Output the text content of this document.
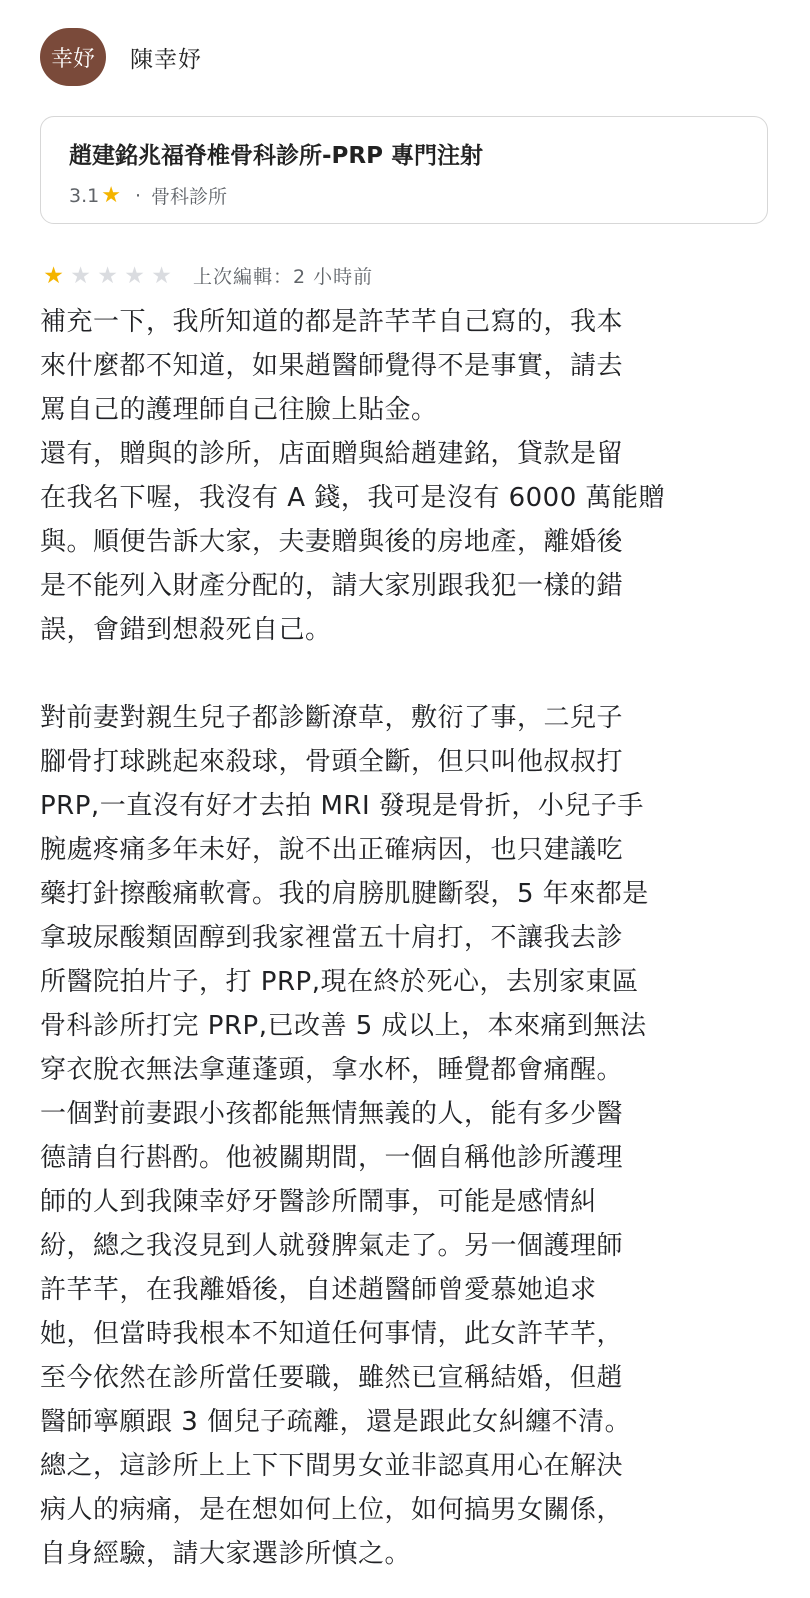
幸妤	陳幸妤
趙建銘兆福脊椎骨科診所-PRP 專門注射
3.1 ★ · 骨科診所
★ ★ ★ ★ ★ 上次編輯：2 小時前
補充一下，我所知道的都是許芊芊自己寫的，我本
來什麼都不知道，如果趙醫師覺得不是事實，請去
罵自己的護理師自己往臉上貼金。
還有，贈與的診所，店面贈與給趙建銘，貸款是留
在我名下喔，我沒有 A 錢，我可是沒有 6000 萬能贈
與。順便告訴大家，夫妻贈與後的房地產，離婚後
是不能列入財產分配的，請大家別跟我犯一樣的錯
誤，會錯到想殺死自己。
對前妻對親生兒子都診斷潦草，敷衍了事，二兒子
腳骨打球跳起來殺球，骨頭全斷，但只叫他叔叔打
PRP,一直沒有好才去拍 MRI 發現是骨折，小兒子手
腕處疼痛多年未好，說不出正確病因，也只建議吃
藥打針擦酸痛軟膏。我的肩膀肌腱斷裂，5 年來都是
拿玻尿酸類固醇到我家裡當五十肩打，不讓我去診
所醫院拍片子，打 PRP,現在終於死心，去別家東區
骨科診所打完 PRP,已改善 5 成以上，本來痛到無法
穿衣脫衣無法拿蓮蓬頭，拿水杯，睡覺都會痛醒。
一個對前妻跟小孩都能無情無義的人，能有多少醫
德請自行斟酌。他被關期間，一個自稱他診所護理
師的人到我陳幸妤牙醫診所鬧事，可能是感情糾
紛，總之我沒見到人就發脾氣走了。另一個護理師
許芊芊，在我離婚後，自述趙醫師曾愛慕她追求
她，但當時我根本不知道任何事情，此女許芊芊，
至今依然在診所當任要職，雖然已宣稱結婚，但趙
醫師寧願跟 3 個兒子疏離，還是跟此女糾纏不清。
總之，這診所上上下下間男女並非認真用心在解決
病人的病痛，是在想如何上位，如何搞男女關係，
自身經驗，請大家選診所慎之。
